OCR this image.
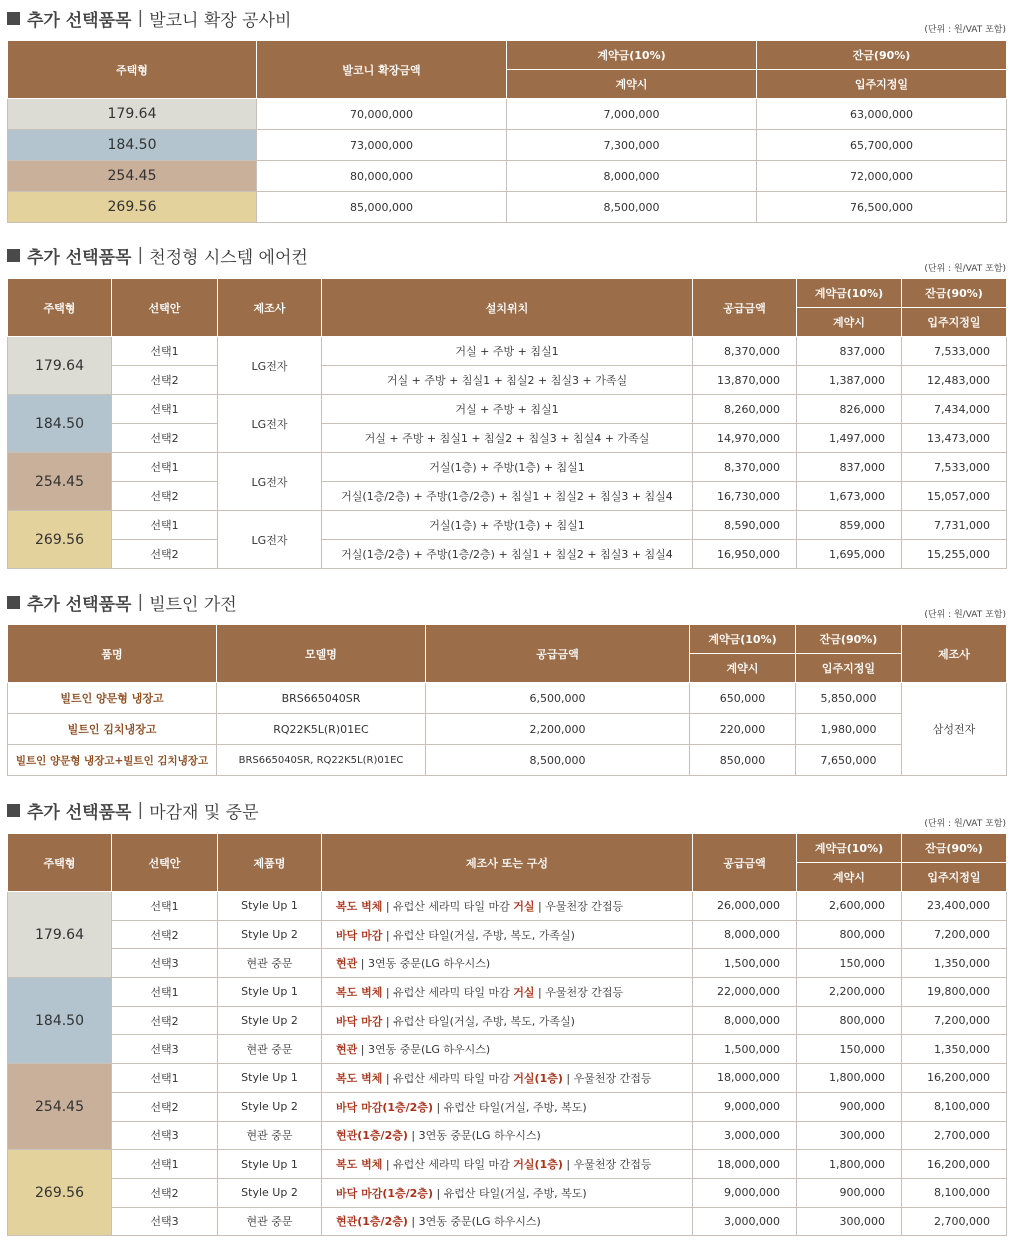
추가 선택품목 | 발코니 확장 공사비	(단위 : 원/VAT 포함)
주택형	발코니 확장금액	계약금(10%)	잔금(90%)
		계약시	입주지정일
179.64	70,000,000	7,000,000	63,000,000
184.50	73,000,000	7,300,000	65,700,000
254.45	80,000,000	8,000,000	72,000,000
269.56	85,000,000	8,500,000	76,500,000
추가 선택품목 | 천정형 시스템 에어컨
(단위 : 원/VAT 포함)
주택형	선택안	제조사	설치위치	공급금액	계약금(10%)	잔금(90%)
					계약시	입주지정일
179.64	선택1	LG전자	거실 + 주방 + 침실1	8,370,000	837,000	7,533,000
	선택2		거실 + 주방 + 침실1 + 침실2 + 침실3 + 가족실	13,870,000	1,387,000	12,483,000
184.50	선택1	LG전자	거실 + 주방 + 침실1	8,260,000	826,000	7,434,000
	선택2		거실 + 주방 + 침실1 + 침실2 + 침실3 + 침실4 + 가족실	14,970,000	1,497,000	13,473,000
254.45	선택1	LG전자	거실(1층) + 주방(1층) + 침실1	8,370,000	837,000	7,533,000
	선택2		거실(1층/2층) + 주방(1층/2층) + 침실1 + 침실2 + 침실3 + 침실4	16,730,000	1,673,000	15,057,000
269.56	선택1	LG전자	거실(1층) + 주방(1층) + 침실1	8,590,000	859,000	7,731,000
	선택2		거실(1층/2층) + 주방(1층/2층) + 침실1 + 침실2 + 침실3 + 침실4	16,950,000	1,695,000	15,255,000
추가 선택품목 | 빌트인 가전
(단위 : 원/VAT 포함)
품명	모델명	공급금액	계약금(10%)	잔금(90%)	제조사
			계약시	입주지정일	
빌트인 양문형 냉장고	BRS665040SR	6,500,000	650,000	5,850,000	삼성전자
빌트인 김치냉장고	RQ22K5L(R)01EC	2,200,000	220,000	1,980,000	
빌트인 양문형 냉장고+빌트인 김치냉장고	BRS665040SR, RQ22K5L(R)01EC	8,500,000	850,000	7,650,000	
추가 선택품목 | 마감재 및 중문
(단위 : 원/VAT 포함)
주택형	선택안	제품명	제조사 또는 구성	공급금액	계약금(10%)	잔금(90%)
					계약시	입주지정일
179.64	선택1	Style Up 1	복도 벽체 | 유럽산 세라믹 타일 마감 거실 | 우물천장 간접등	26,000,000	2,600,000	23,400,000
	선택2	Style Up 2	바닥 마감 | 유럽산 타일(거실, 주방, 복도, 가족실)	8,000,000	800,000	7,200,000
	선택3	현관 중문	현관 | 3연동 중문(LG 하우시스)	1,500,000	150,000	1,350,000
184.50	선택1	Style Up 1	복도 벽체 | 유럽산 세라믹 타일 마감 거실 | 우물천장 간접등	22,000,000	2,200,000	19,800,000
	선택2	Style Up 2	바닥 마감 | 유럽산 타일(거실, 주방, 복도, 가족실)	8,000,000	800,000	7,200,000
	선택3	현관 중문	현관 | 3연동 중문(LG 하우시스)	1,500,000	150,000	1,350,000
254.45	선택1	Style Up 1	복도 벽체 | 유럽산 세라믹 타일 마감 거실(1층) | 우물천장 간접등	18,000,000	1,800,000	16,200,000
	선택2	Style Up 2	바닥 마감(1층/2층) | 유럽산 타일(거실, 주방, 복도)	9,000,000	900,000	8,100,000
	선택3	현관 중문	현관(1층/2층) | 3연동 중문(LG 하우시스)	3,000,000	300,000	2,700,000
269.56	선택1	Style Up 1	복도 벽체 | 유럽산 세라믹 타일 마감 거실(1층) | 우물천장 간접등	18,000,000	1,800,000	16,200,000
	선택2	Style Up 2	바닥 마감(1층/2층) | 유럽산 타일(거실, 주방, 복도)	9,000,000	900,000	8,100,000
	선택3	현관 중문	현관(1층/2층) | 3연동 중문(LG 하우시스)	3,000,000	300,000	2,700,000
